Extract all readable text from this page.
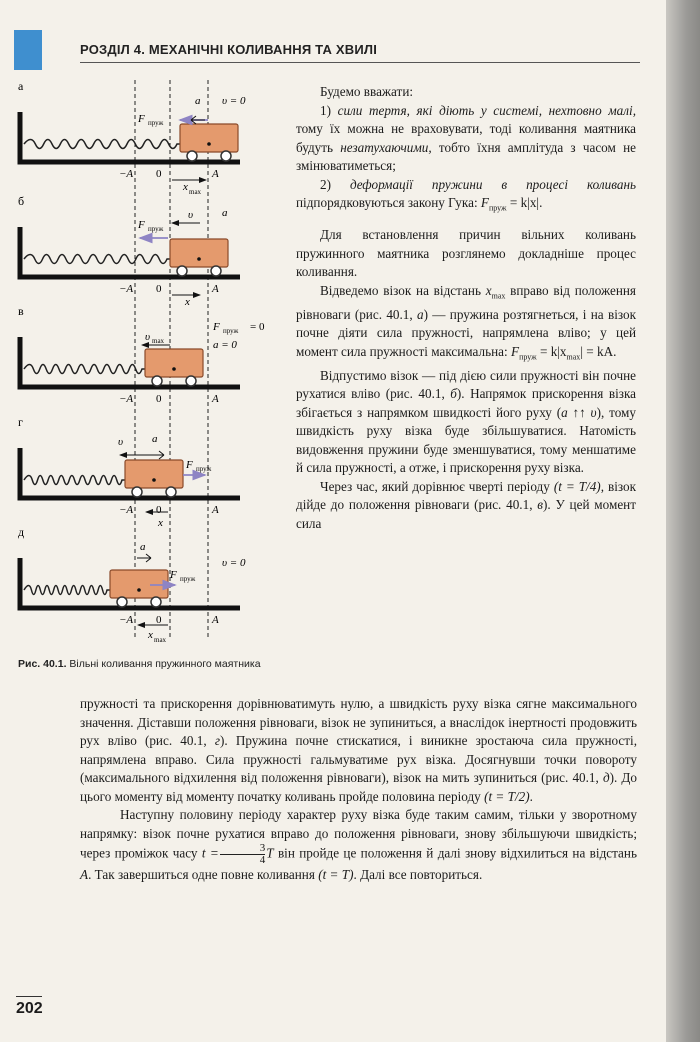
РОЗДІЛ 4. МЕХАНІЧНІ КОЛИВАННЯ ТА ХВИЛІ
а
−A 0	A
б
−A 0	A
в
−A 0	A
г
−A 0	A
д
−A 0	A
F пруж
a υ = 0
x max
F пруж
υ	a
x
υ max
F пруж = 0
a = 0
υ	a
F пруж
x
a
F пруж
υ = 0
x max
Рис. 40.1. Вільні коливання пружинного маятника

Будемо вважати:

1) сили тертя, які діють у системі, нехтовно малі, тому їх можна не враховувати, тоді коливання маятника будуть незатухаючими, тобто їхня амплітуда з часом не змінюватиметься;

2) деформації пружини в процесі коливань підпорядковуються закону Гука: $F_{пруж} = k|x|$.

Для встановлення причин вільних коливань пружинного маятника розглянемо докладніше процес коливання.

Відведемо візок на відстань $x_{max}$ вправо від положення рівноваги (рис. 40.1, а) — пружина розтягнеться, і на візок почне діяти сила пружності, напрямлена вліво; у цей момент сила пружності максимальна: $F_{пруж} = k|x_{max}|$ = kA.

Відпустимо візок — під дією сили пружності він почне рухатися вліво (рис. 40.1, б). Напрямок прискорення візка збігається з напрямком швидкості його руху (a ↑↑ υ), тому швидкість руху візка буде збільшуватися. Натомість видовження пружини буде зменшуватися, тому меншатиме й сила пружності, а отже, і прискорення руху візка.

Через час, який дорівнює чверті періоду (t = T/4), візок дійде до положення рівноваги (рис. 40.1, в). У цей момент сила

пружності та прискорення дорівнюватимуть нулю, а швидкість руху візка сягне максимального значення. Діставши положення рівноваги, візок не зупиниться, а внаслідок інертності продовжить рух вліво (рис. 40.1, г). Пружина почне стискатися, і виникне зростаюча сила пружності, напрямлена вправо. Сила пружності гальмуватиме рух візка. Досягнувши точки повороту (максимального відхилення від положення рівноваги), візок на мить зупиниться (рис. 40.1, д). До цього моменту від моменту початку коливань пройде половина періоду (t = T/2).

Наступну половину періоду характер руху візка буде таким самим, тільки у зворотному напрямку: візок почне рухатися вправо до положення рівноваги, знову збільшуючи швидкість; через проміжок часу $t = \frac{3}{4}$ T він пройде це положення й далі знову відхилиться на відстань A. Так завершиться одне повне коливання (t = T). Далі все повториться.

202
